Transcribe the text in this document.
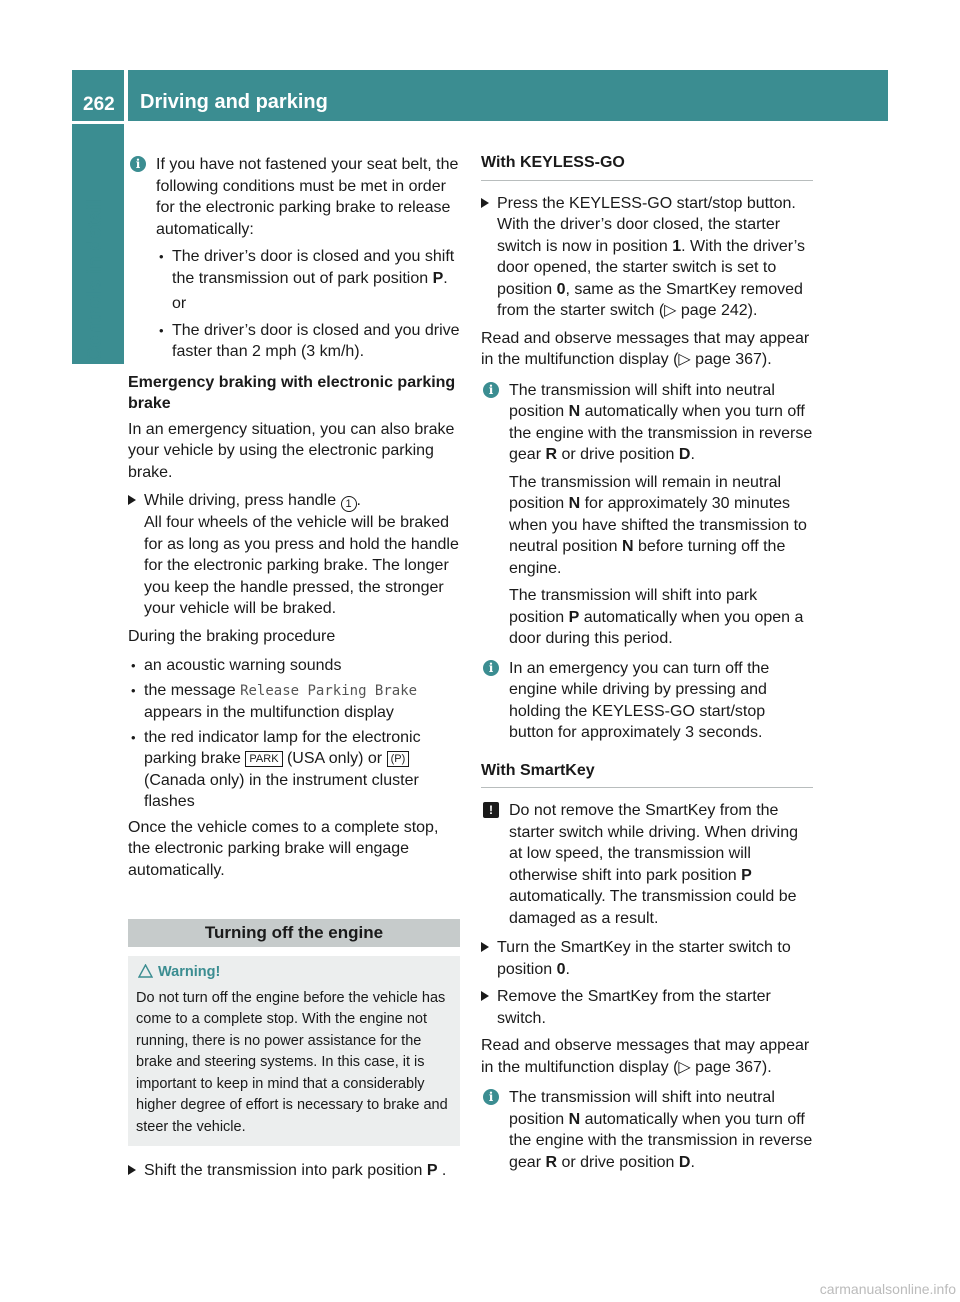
262	Driving and parking
Controls in detail
i If you have not fastened your seat belt, the following conditions must be met in order for the electronic parking brake to release automatically:

• The driver’s door is closed and you shift the transmission out of park position P.
or
• The driver’s door is closed and you drive faster than 2 mph (3 km/h).
Emergency braking with electronic parking brake

In an emergency situation, you can also brake your vehicle by using the electronic parking brake.

While driving, press handle 1 .
All four wheels of the vehicle will be braked for as long as you press and hold the handle for the electronic parking brake. The longer you keep the handle pressed, the stronger your vehicle will be braked.

During the braking procedure

• an acoustic warning sounds
• the message Release Parking Brake appears in the multifunction display
• the red indicator lamp for the electronic parking brake PARK (USA only) or (P) (Canada only) in the instrument cluster flashes

Once the vehicle comes to a complete stop, the electronic parking brake will engage automatically.

Turning off the engine
Warning!
Do not turn off the engine before the vehicle has come to a complete stop. With the engine not running, there is no power assistance for the brake and steering systems. In this case, it is important to keep in mind that a considerably higher degree of effort is necessary to brake and steer the vehicle.
Shift the transmission into park position P .
With KEYLESS-GO
Press the KEYLESS-GO start/stop button. With the driver’s door closed, the starter switch is now in position 1. With the driver’s door opened, the starter switch is set to position 0, same as the SmartKey removed from the starter switch (▷ page 242).

Read and observe messages that may appear in the multifunction display (▷ page 367).

i The transmission will shift into neutral position N automatically when you turn off the engine with the transmission in reverse gear R or drive position D.

The transmission will remain in neutral position N for approximately 30 minutes when you have shifted the transmission to neutral position N before turning off the engine.

The transmission will shift into park position P automatically when you open a door during this period.

i In an emergency you can turn off the engine while driving by pressing and holding the KEYLESS-GO start/stop button for approximately 3 seconds.

With SmartKey
!	Do not remove the SmartKey from the starter switch while driving. When driving at low speed, the transmission will otherwise shift into park position P automatically. The transmission could be damaged as a result.

Turn the SmartKey in the starter switch to position 0.
Remove the SmartKey from the starter switch.

Read and observe messages that may appear in the multifunction display (▷ page 367).

i The transmission will shift into neutral position N automatically when you turn off the engine with the transmission in reverse gear R or drive position D.

carmanualsonline.info
